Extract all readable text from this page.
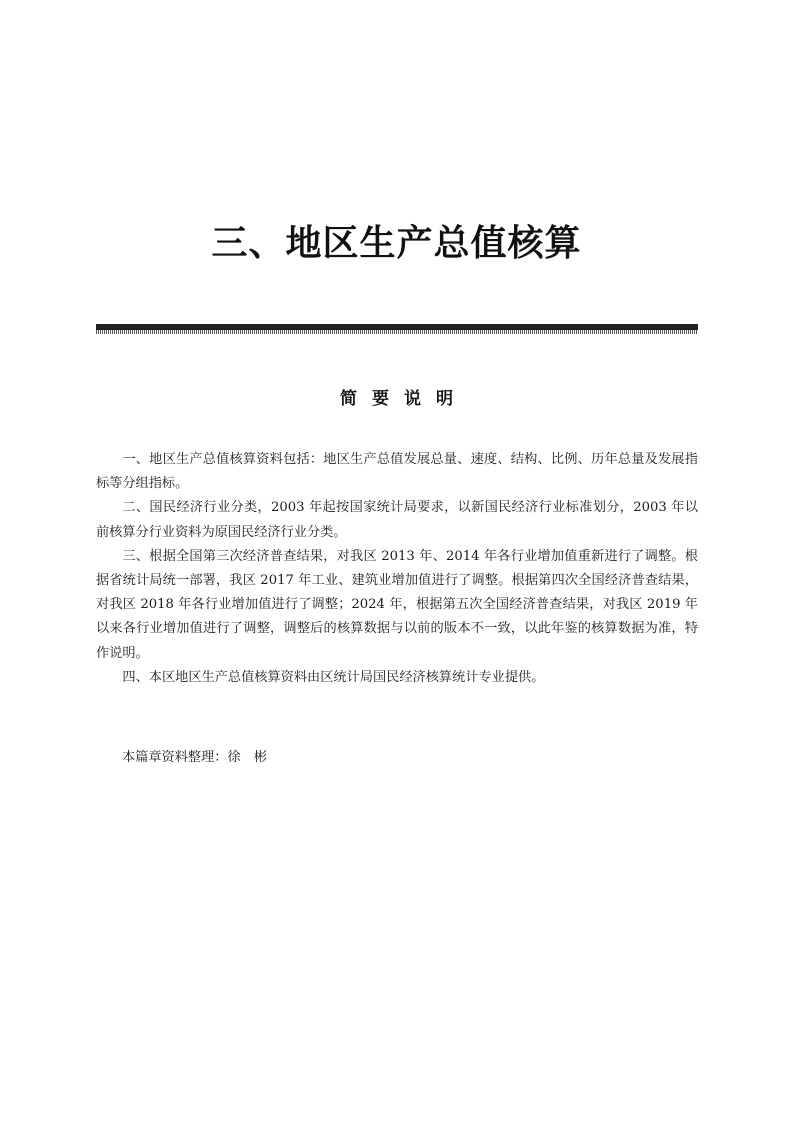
三、地区生产总值核算
简要说明

一、地区生产总值核算资料包括：地区生产总值发展总量、速度、结构、比例、历年总量及发展指标等分组指标。

二、国民经济行业分类，2003 年起按国家统计局要求，以新国民经济行业标准划分，2003 年以前核算分行业资料为原国民经济行业分类。

三、根据全国第三次经济普查结果，对我区 2013 年、2014 年各行业增加值重新进行了调整。根据省统计局统一部署，我区 2017 年工业、建筑业增加值进行了调整。根据第四次全国经济普查结果，对我区 2018 年各行业增加值进行了调整；2024 年，根据第五次全国经济普查结果，对我区 2019 年以来各行业增加值进行了调整，调整后的核算数据与以前的版本不一致，以此年鉴的核算数据为准，特作说明。

四、本区地区生产总值核算资料由区统计局国民经济核算统计专业提供。

本篇章资料整理：徐　彬
